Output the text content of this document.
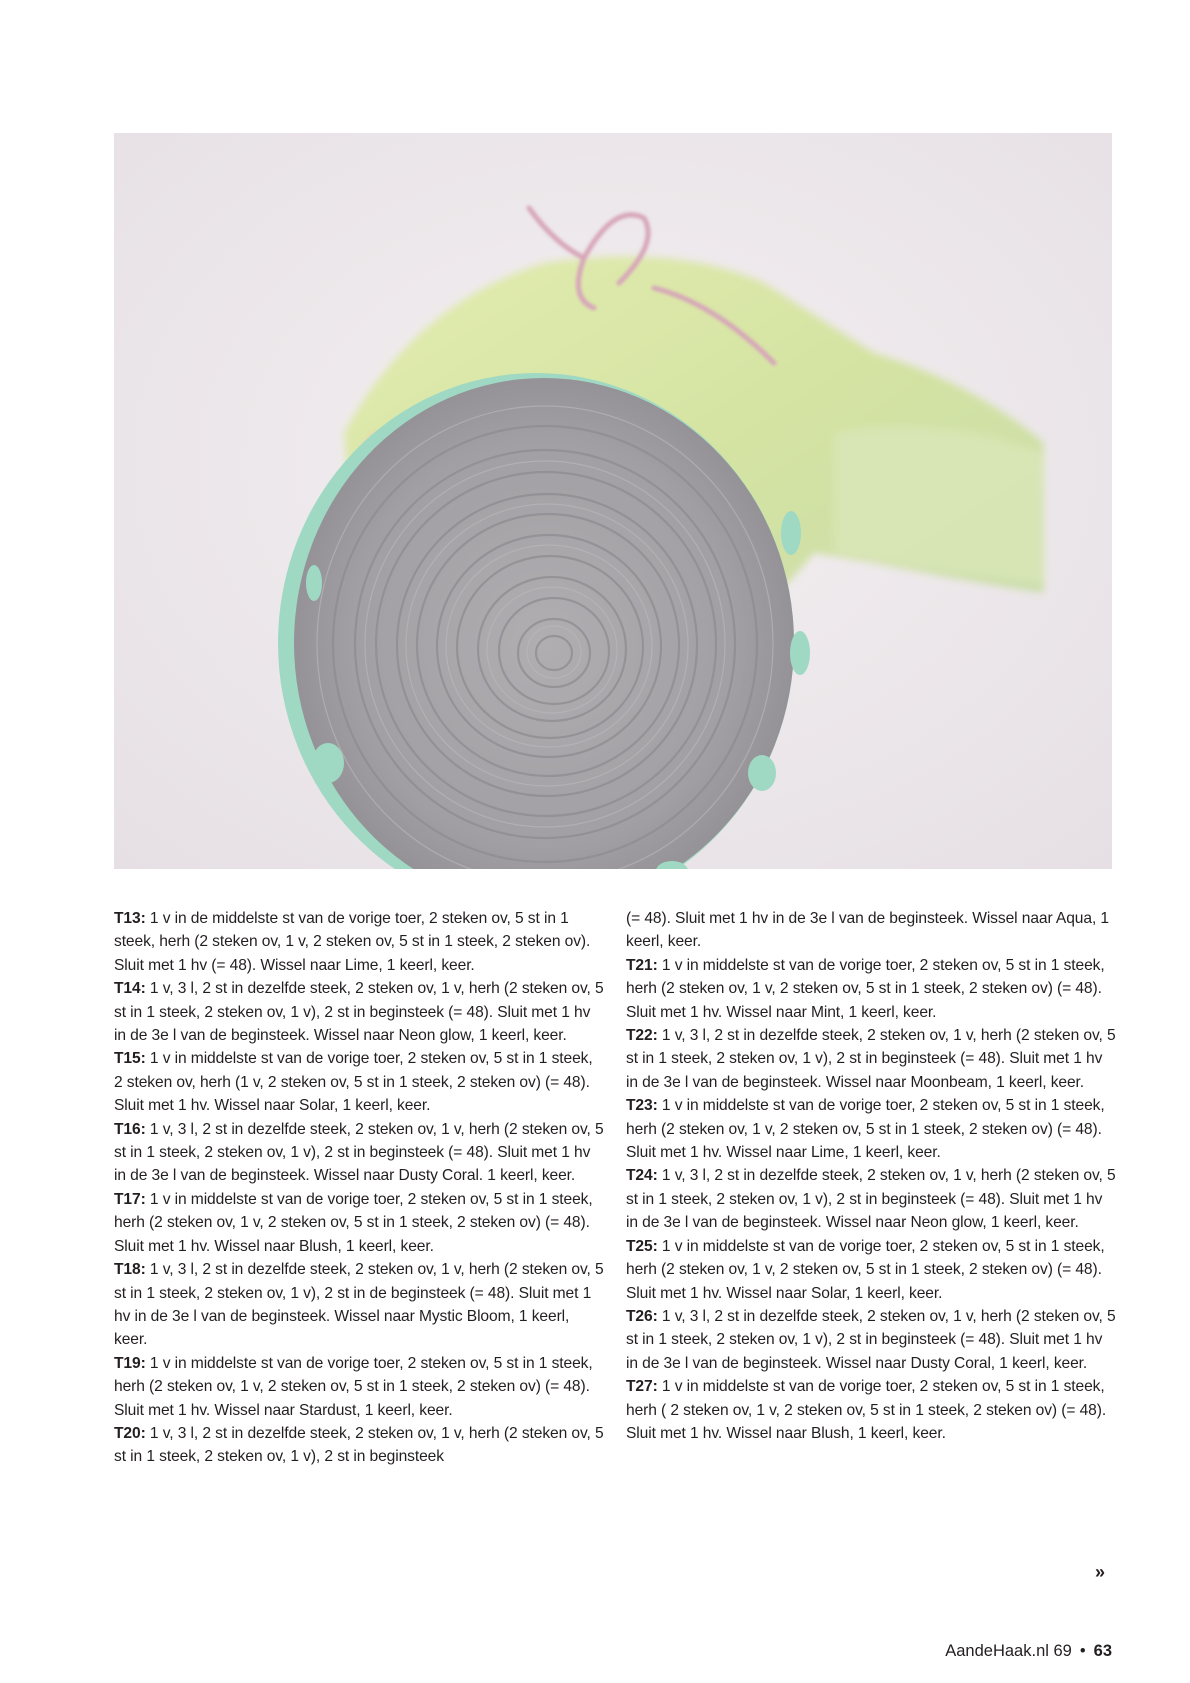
T13: 1 v in de middelste st van de vorige toer, 2 steken ov, 5 st in 1 steek, herh (2 steken ov, 1 v, 2 steken ov, 5 st in 1 steek, 2 steken ov). Sluit met 1 hv (= 48). Wissel naar Lime, 1 keerl, keer.

T14: 1 v, 3 l, 2 st in dezelfde steek, 2 steken ov, 1 v, herh (2 steken ov, 5 st in 1 steek, 2 steken ov, 1 v), 2 st in beginsteek (= 48). Sluit met 1 hv in de 3e l van de beginsteek. Wissel naar Neon glow, 1 keerl, keer.

T15: 1 v in middelste st van de vorige toer, 2 steken ov, 5 st in 1 steek, 2 steken ov, herh (1 v, 2 steken ov, 5 st in 1 steek, 2 steken ov) (= 48). Sluit met 1 hv. Wissel naar Solar, 1 keerl, keer.

T16: 1 v, 3 l, 2 st in dezelfde steek, 2 steken ov, 1 v, herh (2 steken ov, 5 st in 1 steek, 2 steken ov, 1 v), 2 st in beginsteek (= 48). Sluit met 1 hv in de 3e l van de beginsteek. Wissel naar Dusty Coral. 1 keerl, keer.

T17: 1 v in middelste st van de vorige toer, 2 steken ov, 5 st in 1 steek, herh (2 steken ov, 1 v, 2 steken ov, 5 st in 1 steek, 2 steken ov) (= 48). Sluit met 1 hv. Wissel naar Blush, 1 keerl, keer.

T18: 1 v, 3 l, 2 st in dezelfde steek, 2 steken ov, 1 v, herh (2 steken ov, 5 st in 1 steek, 2 steken ov, 1 v), 2 st in de beginsteek (= 48). Sluit met 1 hv in de 3e l van de beginsteek. Wissel naar Mystic Bloom, 1 keerl, keer.

T19: 1 v in middelste st van de vorige toer, 2 steken ov, 5 st in 1 steek, herh (2 steken ov, 1 v, 2 steken ov, 5 st in 1 steek, 2 steken ov) (= 48). Sluit met 1 hv. Wissel naar Stardust, 1 keerl, keer.

T20: 1 v, 3 l, 2 st in dezelfde steek, 2 steken ov, 1 v, herh (2 steken ov, 5 st in 1 steek, 2 steken ov, 1 v), 2 st in beginsteek

(= 48). Sluit met 1 hv in de 3e l van de beginsteek. Wissel naar Aqua, 1 keerl, keer.

T21: 1 v in middelste st van de vorige toer, 2 steken ov, 5 st in 1 steek, herh (2 steken ov, 1 v, 2 steken ov, 5 st in 1 steek, 2 steken ov) (= 48). Sluit met 1 hv. Wissel naar Mint, 1 keerl, keer.

T22: 1 v, 3 l, 2 st in dezelfde steek, 2 steken ov, 1 v, herh (2 steken ov, 5 st in 1 steek, 2 steken ov, 1 v), 2 st in beginsteek (= 48). Sluit met 1 hv in de 3e l van de beginsteek. Wissel naar Moonbeam, 1 keerl, keer.

T23: 1 v in middelste st van de vorige toer, 2 steken ov, 5 st in 1 steek, herh (2 steken ov, 1 v, 2 steken ov, 5 st in 1 steek, 2 steken ov) (= 48). Sluit met 1 hv. Wissel naar Lime, 1 keerl, keer.

T24: 1 v, 3 l, 2 st in dezelfde steek, 2 steken ov, 1 v, herh (2 steken ov, 5 st in 1 steek, 2 steken ov, 1 v), 2 st in beginsteek (= 48). Sluit met 1 hv in de 3e l van de beginsteek. Wissel naar Neon glow, 1 keerl, keer.

T25: 1 v in middelste st van de vorige toer, 2 steken ov, 5 st in 1 steek, herh (2 steken ov, 1 v, 2 steken ov, 5 st in 1 steek, 2 steken ov) (= 48). Sluit met 1 hv. Wissel naar Solar, 1 keerl, keer.

T26: 1 v, 3 l, 2 st in dezelfde steek, 2 steken ov, 1 v, herh (2 steken ov, 5 st in 1 steek, 2 steken ov, 1 v), 2 st in beginsteek (= 48). Sluit met 1 hv in de 3e l van de beginsteek. Wissel naar Dusty Coral, 1 keerl, keer.

T27: 1 v in middelste st van de vorige toer, 2 steken ov, 5 st in 1 steek, herh ( 2 steken ov, 1 v, 2 steken ov, 5 st in 1 steek, 2 steken ov) (= 48). Sluit met 1 hv. Wissel naar Blush, 1 keerl, keer.

»
AandeHaak.nl 69 • 63
